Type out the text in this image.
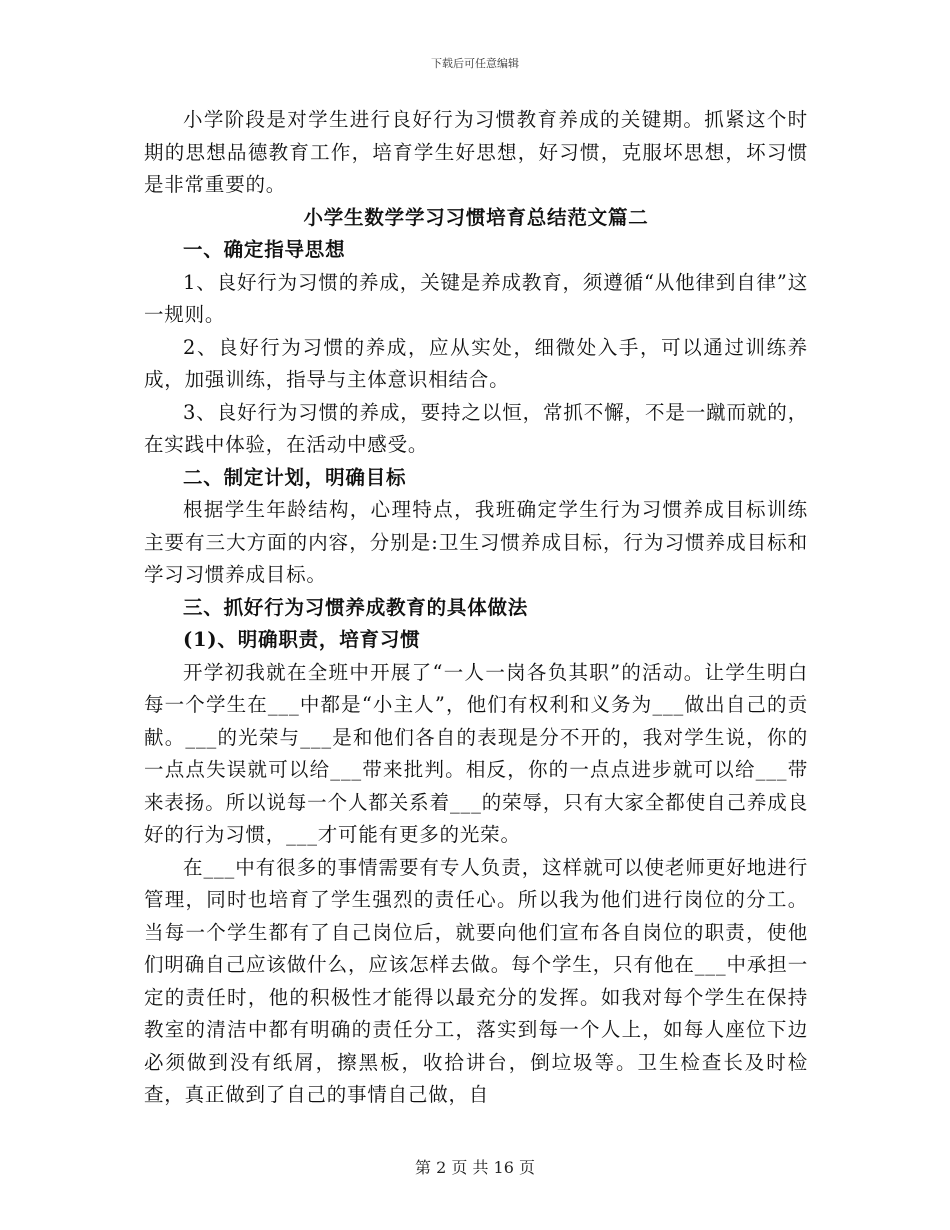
下载后可任意编辑

小学阶段是对学生进行良好行为习惯教育养成的关键期。抓紧这个时期的思想品德教育工作，培育学生好思想，好习惯，克服坏思想，坏习惯是非常重要的。

小学生数学学习习惯培育总结范文篇二

一、确定指导思想

1、良好行为习惯的养成，关键是养成教育，须遵循“从他律到自律”这一规则。

2、良好行为习惯的养成，应从实处，细微处入手，可以通过训练养成，加强训练，指导与主体意识相结合。

3、良好行为习惯的养成，要持之以恒，常抓不懈，不是一蹴而就的，在实践中体验，在活动中感受。

二、制定计划，明确目标

根据学生年龄结构，心理特点，我班确定学生行为习惯养成目标训练主要有三大方面的内容，分别是:卫生习惯养成目标，行为习惯养成目标和学习习惯养成目标。

三、抓好行为习惯养成教育的具体做法

(1)、明确职责，培育习惯

开学初我就在全班中开展了“一人一岗各负其职”的活动。让学生明白每一个学生在___中都是“小主人”，他们有权利和义务为___做出自己的贡献。___的光荣与___是和他们各自的表现是分不开的，我对学生说，你的一点点失误就可以给___带来批判。相反，你的一点点进步就可以给___带来表扬。所以说每一个人都关系着___的荣辱，只有大家全都使自己养成良好的行为习惯，___才可能有更多的光荣。

在___中有很多的事情需要有专人负责，这样就可以使老师更好地进行管理，同时也培育了学生强烈的责任心。所以我为他们进行岗位的分工。当每一个学生都有了自己岗位后，就要向他们宣布各自岗位的职责，使他们明确自己应该做什么，应该怎样去做。每个学生，只有他在___中承担一定的责任时，他的积极性才能得以最充分的发挥。如我对每个学生在保持教室的清洁中都有明确的责任分工，落实到每一个人上，如每人座位下边必须做到没有纸屑，擦黑板，收拾讲台，倒垃圾等。卫生检查长及时检查，真正做到了自己的事情自己做，自

第 2 页 共 16 页
